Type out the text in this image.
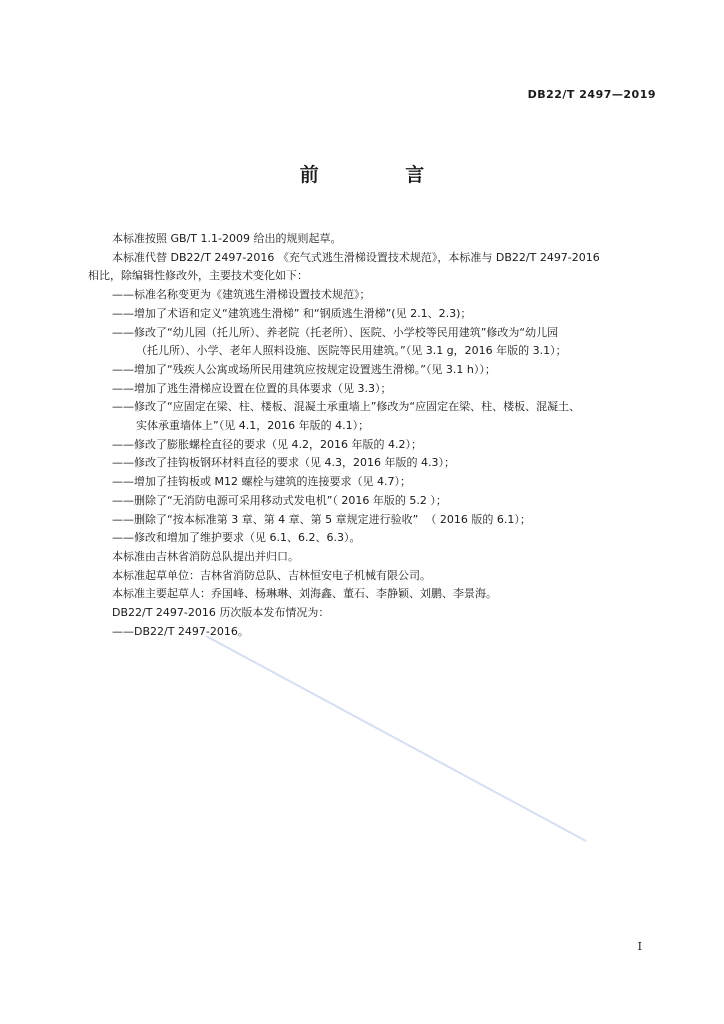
DB22/T 2497—2019
前 言

本标准按照 GB/T 1.1-2009 给出的规则起草。

本标准代替 DB22/T 2497-2016 《充气式逃生滑梯设置技术规范》，本标准与 DB22/T 2497-2016

相比，除编辑性修改外，主要技术变化如下：

——标准名称变更为《建筑逃生滑梯设置技术规范》；

——增加了术语和定义“建筑逃生滑梯” 和“钢质逃生滑梯”(见 2.1、2.3)；

——修改了“幼儿园（托儿所）、养老院（托老所）、医院、小学校等民用建筑”修改为“幼儿园

（托儿所）、小学、老年人照料设施、医院等民用建筑。”（见 3.1 g，2016 年版的 3.1）；

——增加了“残疾人公寓或场所民用建筑应按规定设置逃生滑梯。”（见 3.1 h））；

——增加了逃生滑梯应设置在位置的具体要求（见 3.3）；

——修改了“应固定在梁、柱、楼板、混凝土承重墙上”修改为“应固定在梁、柱、楼板、混凝土、

实体承重墙体上”（见 4.1，2016 年版的 4.1）；

——修改了膨胀螺栓直径的要求（见 4.2，2016 年版的 4.2）；

——修改了挂钩板钢环材料直径的要求（见 4.3，2016 年版的 4.3）；

——增加了挂钩板或 M12 螺栓与建筑的连接要求（见 4.7）；

——删除了“无消防电源可采用移动式发电机”（ 2016 年版的 5.2 ）；

——删除了“按本标准第 3 章、第 4 章、第 5 章规定进行验收”  （ 2016 版的 6.1）；

——修改和增加了维护要求（见 6.1、6.2、6.3）。

本标准由吉林省消防总队提出并归口。

本标准起草单位：吉林省消防总队、吉林恒安电子机械有限公司。

本标准主要起草人：乔国峰、杨琳琳、刘海鑫、董石、李静颖、刘鹏、李景海。

DB22/T 2497-2016 历次版本发布情况为：

——DB22/T 2497-2016。

I
